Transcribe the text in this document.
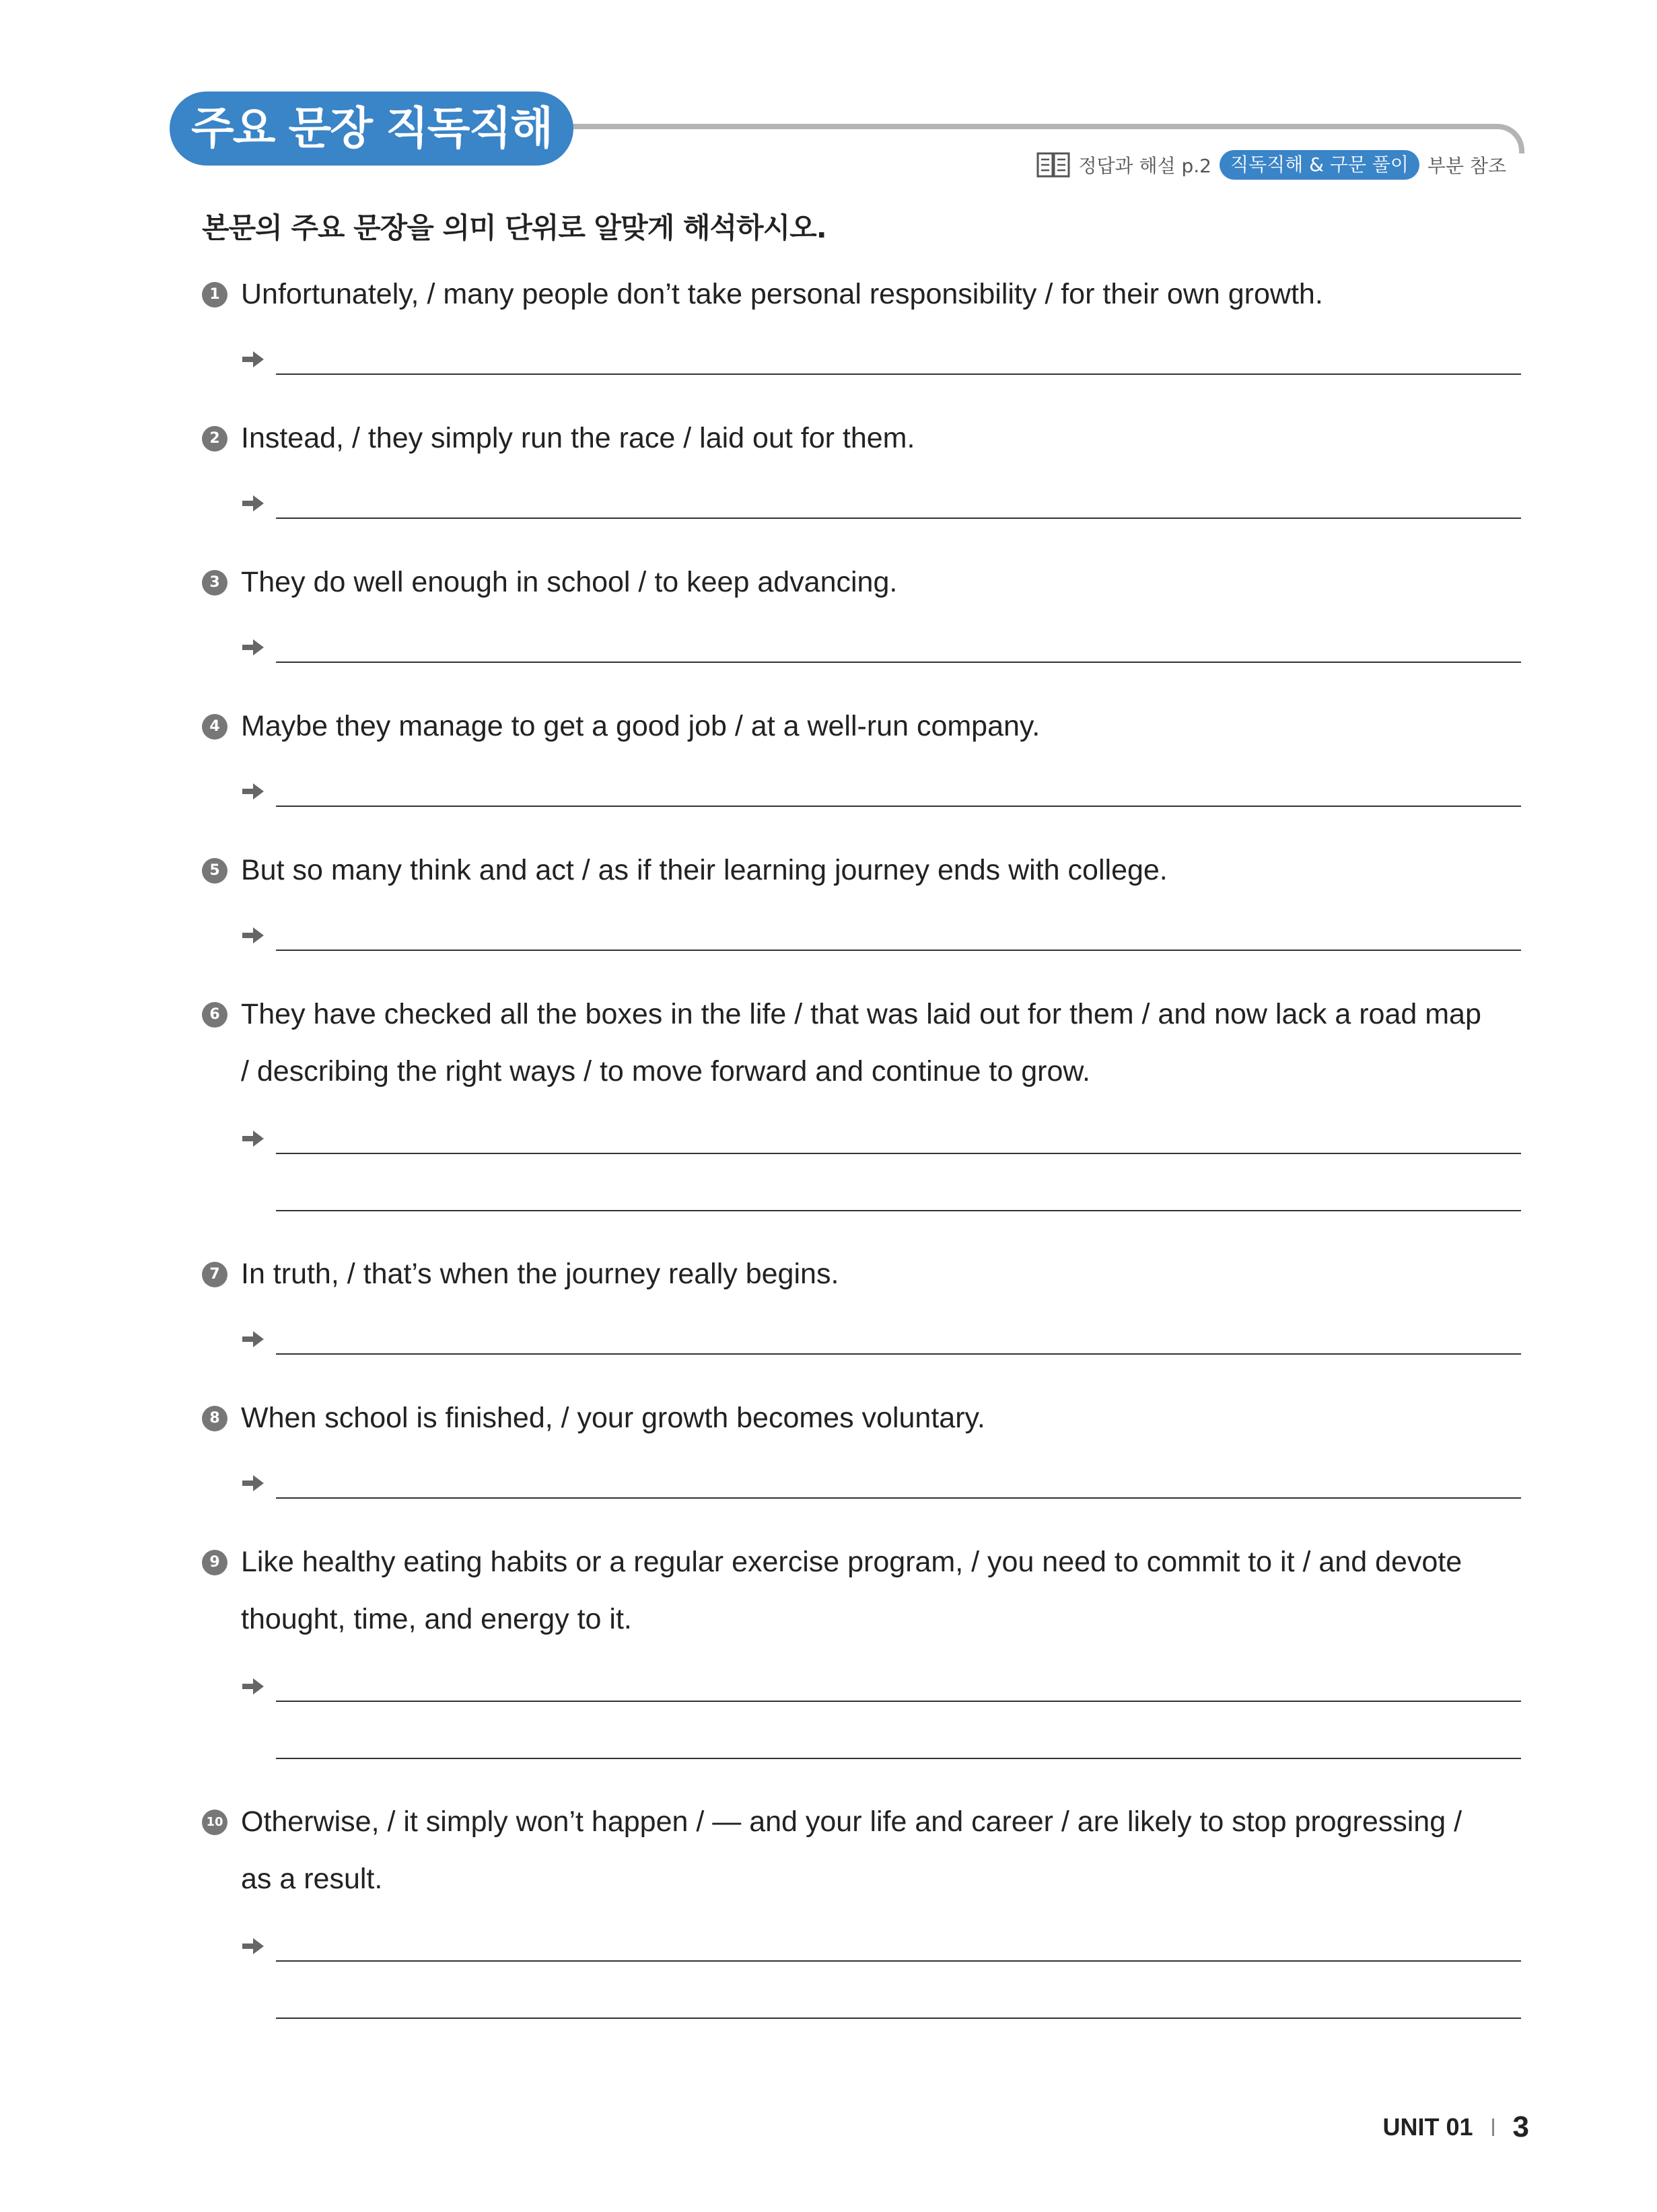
주요 문장 직독직해
정답과 해설 p.2	직독직해 & 구문 풀이	부분 참조
본문의 주요 문장을 의미 단위로 알맞게 해석하시오.
1 Unfortunately, / many people don’t take personal responsibility / for their own growth.
2 Instead, / they simply run the race / laid out for them.
3 They do well enough in school / to keep advancing.
4 Maybe they manage to get a good job / at a well-run company.
5 But so many think and act / as if their learning journey ends with college.
6 They have checked all the boxes in the life / that was laid out for them / and now lack a road map
/ describing the right ways / to move forward and continue to grow.
7 In truth, / that’s when the journey really begins.
8 When school is finished, / your growth becomes voluntary.
9 Like healthy eating habits or a regular exercise program, / you need to commit to it / and devote
thought, time, and energy to it.
10 Otherwise, / it simply won’t happen / — and your life and career / are likely to stop progressing /
as a result.
UNIT 01 3
